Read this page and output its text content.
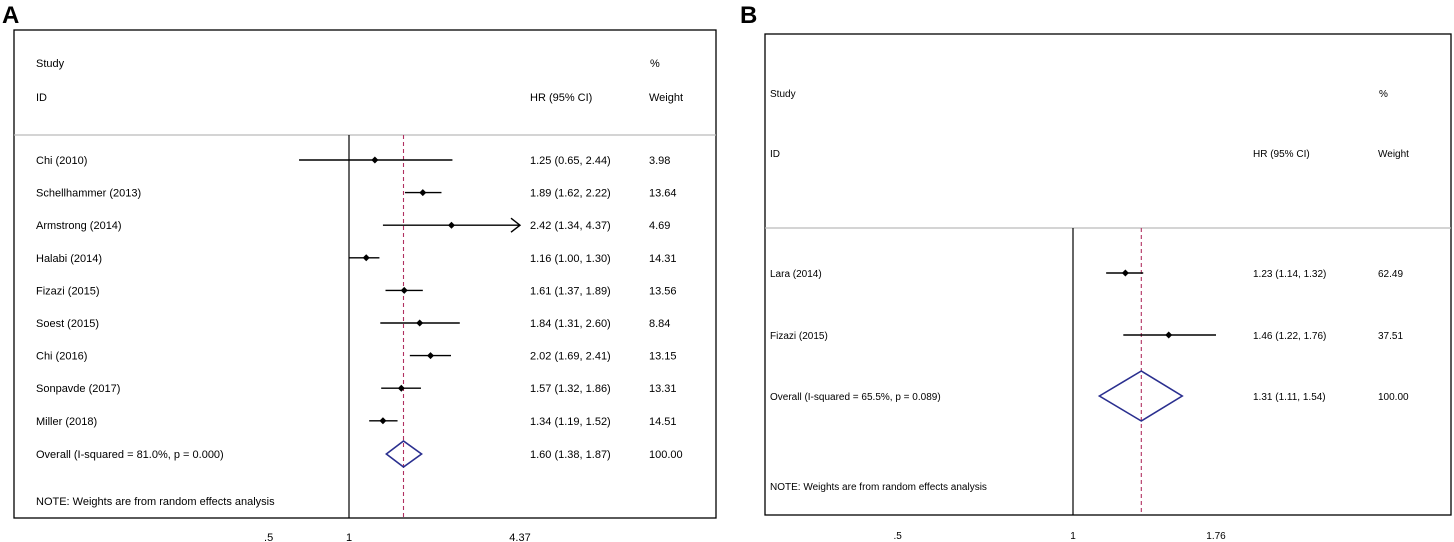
A	B
Study
ID	HR (95% CI)
%
Weight
Chi (2010)	1.25 (0.65, 2.44)	3.98
Schellhammer (2013)	1.89 (1.62, 2.22)	13.64
Armstrong (2014)	2.42 (1.34, 4.37)	4.69
Halabi (2014)	1.16 (1.00, 1.30)	14.31
Fizazi (2015)	1.61 (1.37, 1.89)	13.56
Soest (2015)	1.84 (1.31, 2.60)	8.84
Chi (2016)	2.02 (1.69, 2.41)	13.15
Sonpavde (2017)	1.57 (1.32, 1.86)	13.31
Miller (2018)	1.34 (1.19, 1.52)	14.51
Overall (I-squared = 81.0%, p = 0.000)	1.60 (1.38, 1.87)	100.00
NOTE: Weights are from random effects analysis
.5	1	4.37
Study
ID	HR (95% CI)
%
Weight
Lara (2014)	1.23 (1.14, 1.32)	62.49
Fizazi (2015)	1.46 (1.22, 1.76)	37.51
Overall (I-squared = 65.5%, p = 0.089)	1.31 (1.11, 1.54)	100.00
NOTE: Weights are from random effects analysis
.5	1	1.76
